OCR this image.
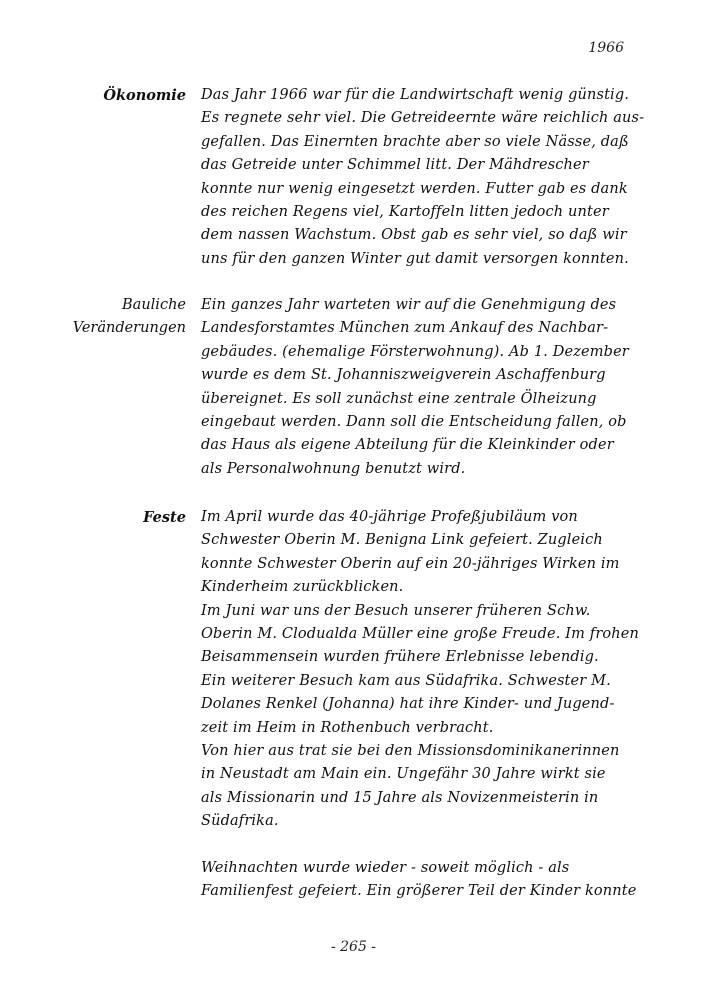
1966
Ökonomie Das Jahr 1966 war für die Landwirtschaft wenig günstig.
Es regnete sehr viel. Die Getreideernte wäre reichlich aus-
gefallen. Das Einernten brachte aber so viele Nässe, daß
das Getreide unter Schimmel litt. Der Mähdrescher
konnte nur wenig eingesetzt werden. Futter gab es dank
des reichen Regens viel, Kartoffeln litten jedoch unter
dem nassen Wachstum. Obst gab es sehr viel, so daß wir
uns für den ganzen Winter gut damit versorgen konnten.
Bauliche
Veränderungen
Ein ganzes Jahr warteten wir auf die Genehmigung des
Landesforstamtes München zum Ankauf des Nachbar-
gebäudes. (ehemalige Försterwohnung). Ab 1. Dezember
wurde es dem St. Johanniszweigverein Aschaffenburg
übereignet. Es soll zunächst eine zentrale Ölheizung
eingebaut werden. Dann soll die Entscheidung fallen, ob
das Haus als eigene Abteilung für die Kleinkinder oder
als Personalwohnung benutzt wird.
Feste Im April wurde das 40-jährige Profeßjubiläum von
Schwester Oberin M. Benigna Link gefeiert. Zugleich
konnte Schwester Oberin auf ein 20-jähriges Wirken im
Kinderheim zurückblicken.
Im Juni war uns der Besuch unserer früheren Schw.
Oberin M. Clodualda Müller eine große Freude. Im frohen
Beisammensein wurden frühere Erlebnisse lebendig.
Ein weiterer Besuch kam aus Südafrika. Schwester M.
Dolanes Renkel (Johanna) hat ihre Kinder- und Jugend-
zeit im Heim in Rothenbuch verbracht.
Von hier aus trat sie bei den Missionsdominikanerinnen
in Neustadt am Main ein. Ungefähr 30 Jahre wirkt sie
als Missionarin und 15 Jahre als Novizenmeisterin in
Südafrika.
Weihnachten wurde wieder - soweit möglich - als
Familienfest gefeiert. Ein größerer Teil der Kinder konnte
- 265 -
